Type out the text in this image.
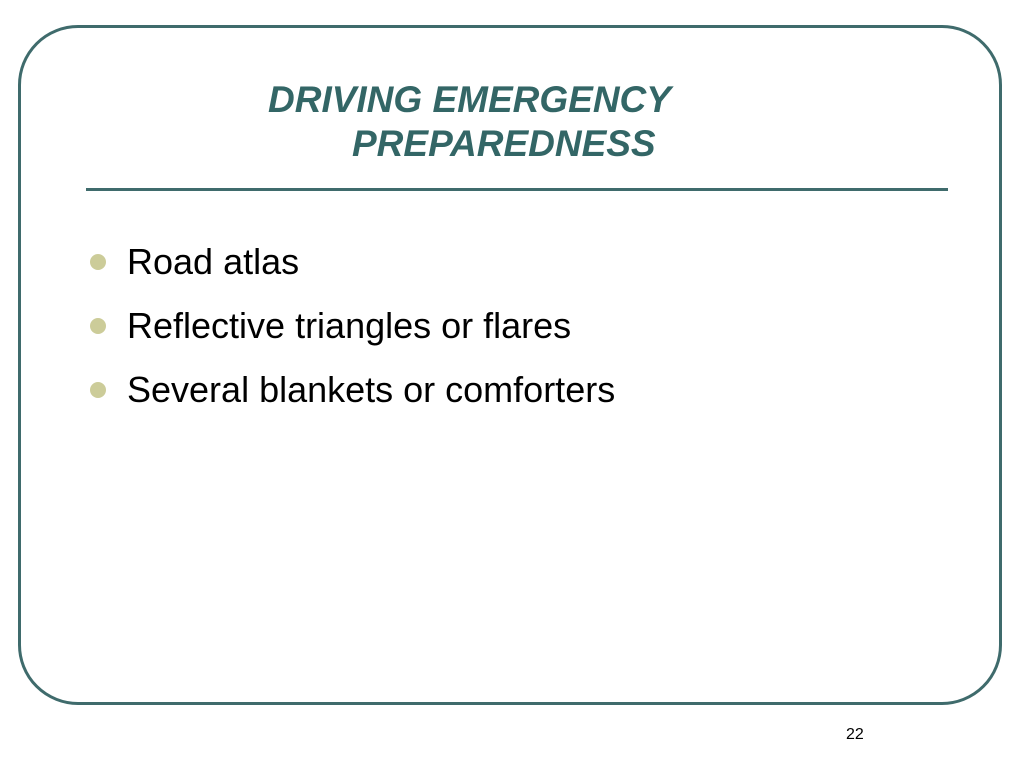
DRIVING EMERGENCY
PREPAREDNESS
Road atlas
Reflective triangles or flares
Several blankets or comforters
22
